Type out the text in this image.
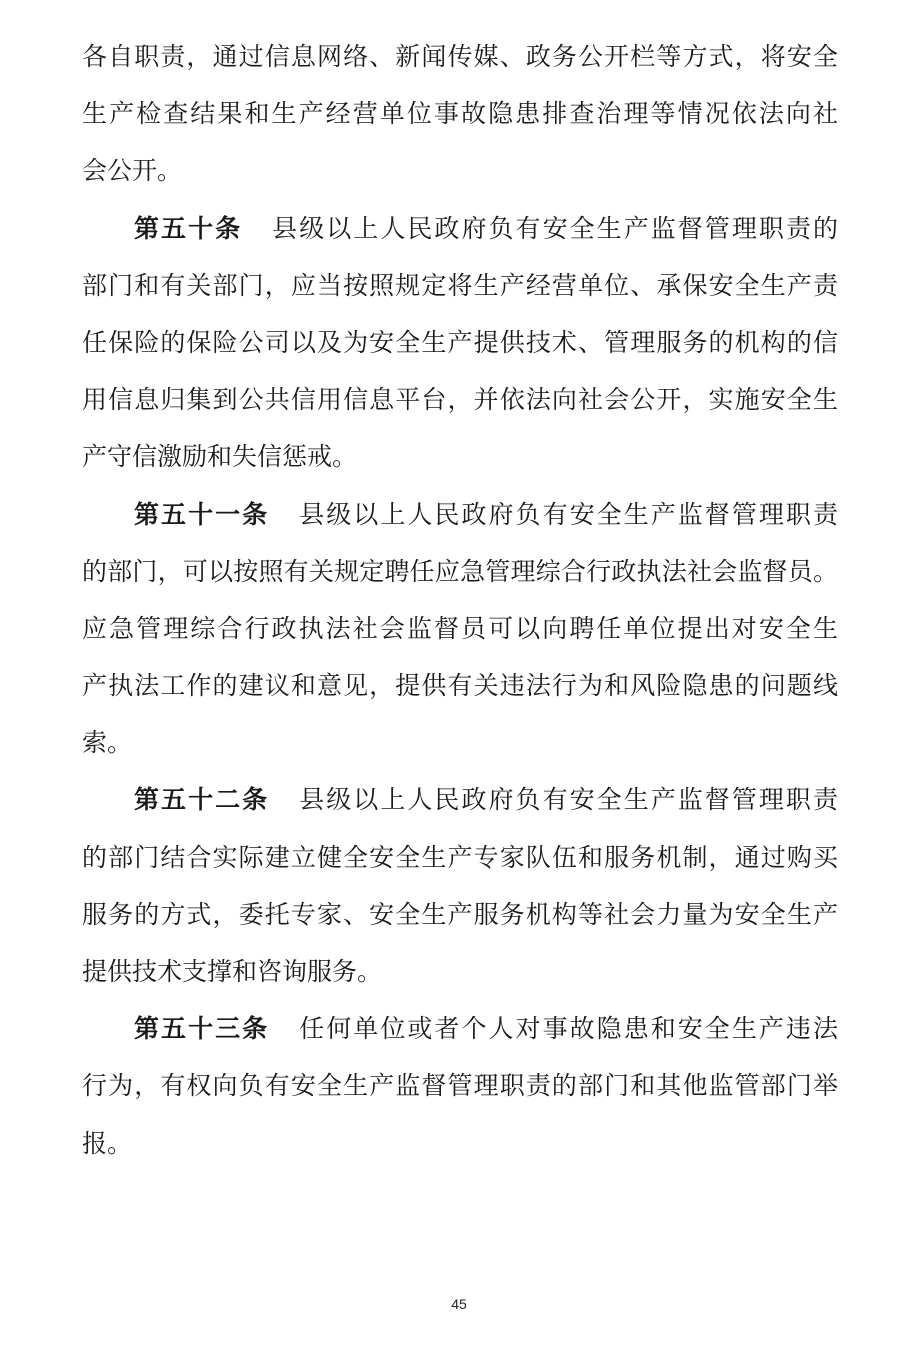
各自职责，通过信息网络、新闻传媒、政务公开栏等方式，将安全
生产检查结果和生产经营单位事故隐患排查治理等情况依法向社
会公开。
第五十条 县级以上人民政府负有安全生产监督管理职责的
部门和有关部门，应当按照规定将生产经营单位、承保安全生产责
任保险的保险公司以及为安全生产提供技术、管理服务的机构的信
用信息归集到公共信用信息平台，并依法向社会公开，实施安全生
产守信激励和失信惩戒。
第五十一条 县级以上人民政府负有安全生产监督管理职责
的部门，可以按照有关规定聘任应急管理综合行政执法社会监督员。
应急管理综合行政执法社会监督员可以向聘任单位提出对安全生
产执法工作的建议和意见，提供有关违法行为和风险隐患的问题线
索。
第五十二条 县级以上人民政府负有安全生产监督管理职责
的部门结合实际建立健全安全生产专家队伍和服务机制，通过购买
服务的方式，委托专家、安全生产服务机构等社会力量为安全生产
提供技术支撑和咨询服务。
第五十三条 任何单位或者个人对事故隐患和安全生产违法
行为，有权向负有安全生产监督管理职责的部门和其他监管部门举
报。
45
